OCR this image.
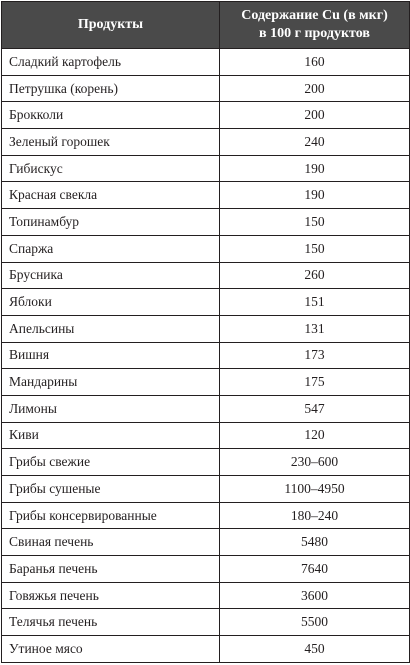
Продукты	Содержание Cu (в мкг)
в 100 г продуктов
Сладкий картофель	160
Петрушка (корень)	200
Брокколи	200
Зеленый горошек	240
Гибискус	190
Красная свекла	190
Топинамбур	150
Спаржа	150
Брусника	260
Яблоки	151
Апельсины	131
Вишня	173
Мандарины	175
Лимоны	547
Киви	120
Грибы свежие	230–600
Грибы сушеные	1100–4950
Грибы консервированные	180–240
Свиная печень	5480
Баранья печень	7640
Говяжья печень	3600
Телячья печень	5500
Утиное мясо	450
